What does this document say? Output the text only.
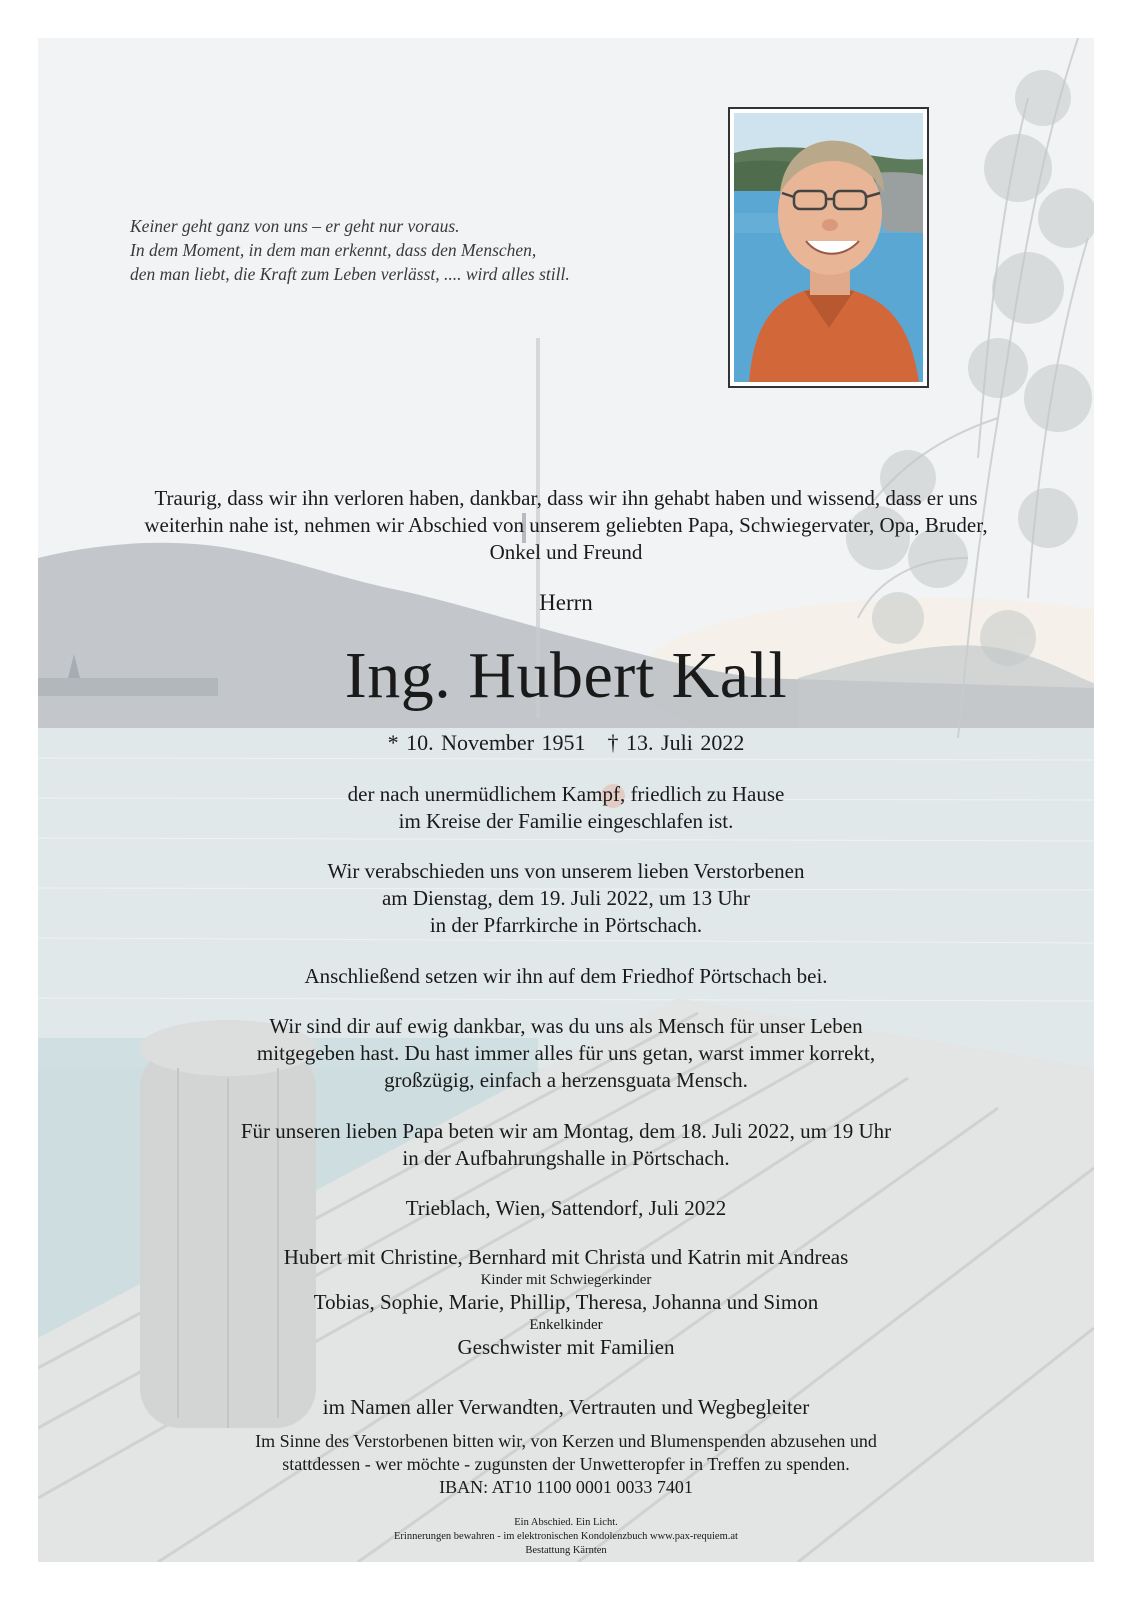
Keiner geht ganz von uns – er geht nur voraus.
In dem Moment, in dem man erkennt, dass den Menschen,
den man liebt, die Kraft zum Leben verlässt, .... wird alles still.
Traurig, dass wir ihn verloren haben, dankbar, dass wir ihn gehabt haben und wissend, dass er uns
weiterhin nahe ist, nehmen wir Abschied von unserem geliebten Papa, Schwiegervater, Opa, Bruder,
Onkel und Freund
Herrn
Ing. Hubert Kall
* 10. November 1951 † 13. Juli 2022
der nach unermüdlichem Kampf, friedlich zu Hause
im Kreise der Familie eingeschlafen ist.
Wir verabschieden uns von unserem lieben Verstorbenen
am Dienstag, dem 19. Juli 2022, um 13 Uhr
in der Pfarrkirche in Pörtschach.
Anschließend setzen wir ihn auf dem Friedhof Pörtschach bei.
Wir sind dir auf ewig dankbar, was du uns als Mensch für unser Leben
mitgegeben hast. Du hast immer alles für uns getan, warst immer korrekt,
großzügig, einfach a herzensguata Mensch.
Für unseren lieben Papa beten wir am Montag, dem 18. Juli 2022, um 19 Uhr
in der Aufbahrungshalle in Pörtschach.
Trieblach, Wien, Sattendorf, Juli 2022
Hubert mit Christine, Bernhard mit Christa und Katrin mit Andreas
Kinder mit Schwiegerkinder
Tobias, Sophie, Marie, Phillip, Theresa, Johanna und Simon
Enkelkinder
Geschwister mit Familien
im Namen aller Verwandten, Vertrauten und Wegbegleiter
Im Sinne des Verstorbenen bitten wir, von Kerzen und Blumenspenden abzusehen und
stattdessen - wer möchte - zugunsten der Unwetteropfer in Treffen zu spenden.
IBAN: AT10 1100 0001 0033 7401
Ein Abschied. Ein Licht.
Erinnerungen bewahren - im elektronischen Kondolenzbuch www.pax-requiem.at
Bestattung Kärnten
